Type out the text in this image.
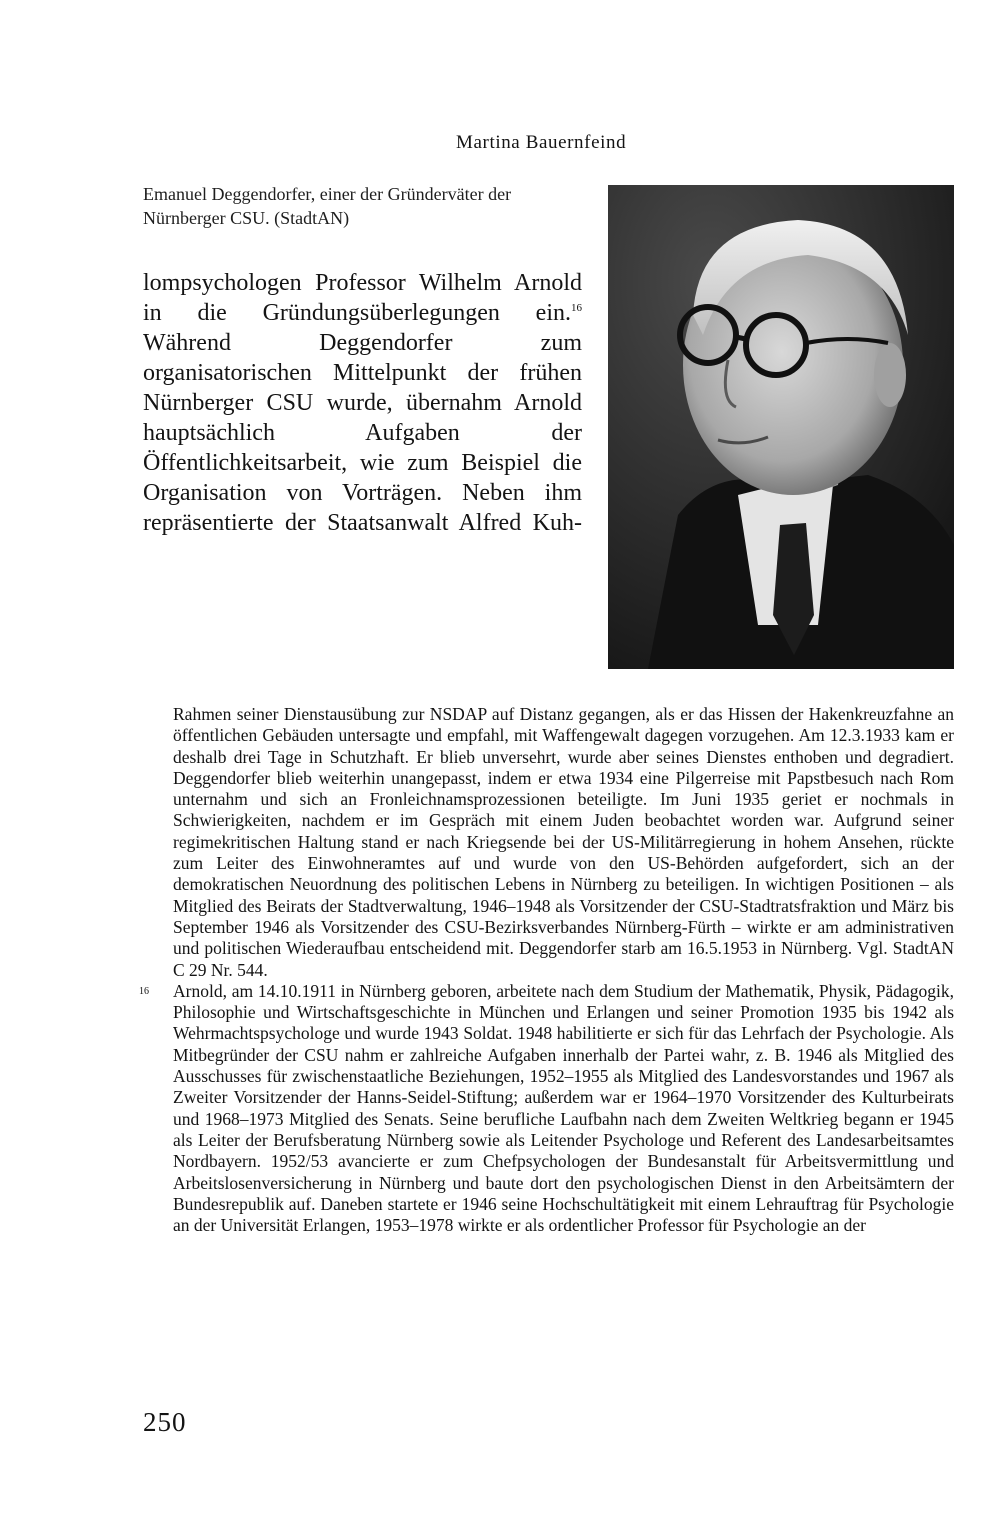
Martina Bauernfeind
Emanuel Deggendorfer, einer der Gründerväter der Nürnberger CSU. (StadtAN)

lompsychologen Professor Wilhelm Arnold in die Gründungsüberlegungen ein.$^{16}$ Während Deggendorfer zum organisatorischen Mittelpunkt der frühen Nürnberger CSU wurde, übernahm Arnold hauptsächlich Aufgaben der Öffentlichkeitsarbeit, wie zum Beispiel die Organisation von Vorträgen. Neben ihm repräsentierte der Staatsanwalt Alfred Kuh-

Rahmen seiner Dienstausübung zur NSDAP auf Distanz gegangen, als er das Hissen der Hakenkreuzfahne an öffentlichen Gebäuden untersagte und empfahl, mit Waffengewalt dagegen vorzugehen. Am 12.3.1933 kam er deshalb drei Tage in Schutzhaft. Er blieb unversehrt, wurde aber seines Dienstes enthoben und degradiert. Deggendorfer blieb weiterhin unangepasst, indem er etwa 1934 eine Pilgerreise mit Papstbesuch nach Rom unternahm und sich an Fronleichnamsprozessionen beteiligte. Im Juni 1935 geriet er nochmals in Schwierigkeiten, nachdem er im Gespräch mit einem Juden beobachtet worden war. Aufgrund seiner regimekritischen Haltung stand er nach Kriegsende bei der US-Militärregierung in hohem Ansehen, rückte zum Leiter des Einwohneramtes auf und wurde von den US-Behörden aufgefordert, sich an der demokratischen Neuordnung des politischen Lebens in Nürnberg zu beteiligen. In wichtigen Positionen – als Mitglied des Beirats der Stadtverwaltung, 1946–1948 als Vorsitzender der CSU-Stadtratsfraktion und März bis September 1946 als Vorsitzender des CSU-Bezirksverbandes Nürnberg-Fürth – wirkte er am administrativen und politischen Wiederaufbau entscheidend mit. Deggendorfer starb am 16.5.1953 in Nürnberg. Vgl. StadtAN C 29 Nr. 544.

16 Arnold, am 14.10.1911 in Nürnberg geboren, arbeitete nach dem Studium der Mathematik, Physik, Pädagogik, Philosophie und Wirtschaftsgeschichte in München und Erlangen und seiner Promotion 1935 bis 1942 als Wehrmachtspsychologe und wurde 1943 Soldat. 1948 habilitierte er sich für das Lehrfach der Psychologie. Als Mitbegründer der CSU nahm er zahlreiche Aufgaben innerhalb der Partei wahr, z. B. 1946 als Mitglied des Ausschusses für zwischenstaatliche Beziehungen, 1952–1955 als Mitglied des Landesvorstandes und 1967 als Zweiter Vorsitzender der Hanns-Seidel-Stiftung; außerdem war er 1964–1970 Vorsitzender des Kulturbeirats und 1968–1973 Mitglied des Senats. Seine berufliche Laufbahn nach dem Zweiten Weltkrieg begann er 1945 als Leiter der Berufsberatung Nürnberg sowie als Leitender Psychologe und Referent des Landesarbeitsamtes Nordbayern. 1952/53 avancierte er zum Chefpsychologen der Bundesanstalt für Arbeitsvermittlung und Arbeitslosenversicherung in Nürnberg und baute dort den psychologischen Dienst in den Arbeitsämtern der Bundesrepublik auf. Daneben startete er 1946 seine Hochschultätigkeit mit einem Lehrauftrag für Psychologie an der Universität Erlangen, 1953–1978 wirkte er als ordentlicher Professor für Psychologie an der

250
